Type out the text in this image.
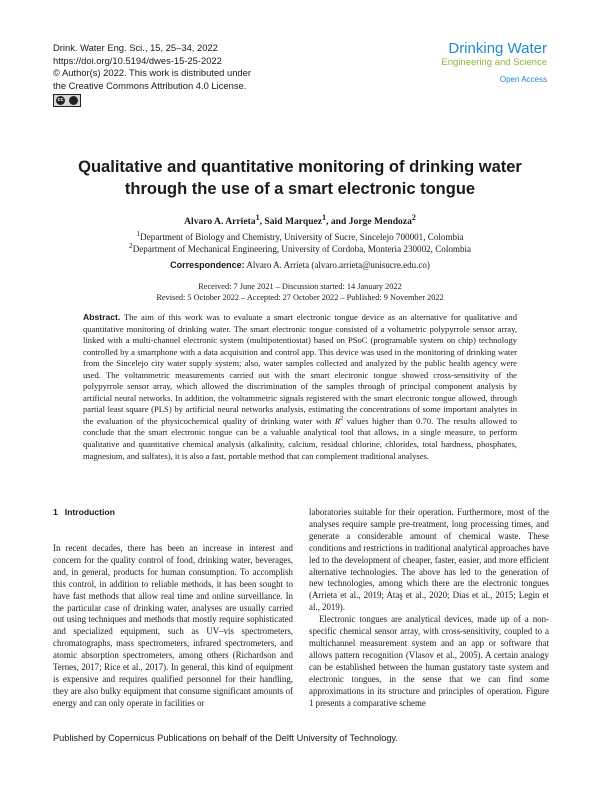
Drink. Water Eng. Sci., 15, 25–34, 2022
https://doi.org/10.5194/dwes-15-25-2022
© Author(s) 2022. This work is distributed under
the Creative Commons Attribution 4.0 License.
cc
Drinking Water
Engineering and Science
Open Access
Qualitative and quantitative monitoring of drinking water through the use of a smart electronic tongue
Alvaro A. Arrieta$^1$, Said Marquez$^1$, and Jorge Mendoza$^2$
$^1$Department of Biology and Chemistry, University of Sucre, Sincelejo 700001, Colombia
$^2$Department of Mechanical Engineering, University of Cordoba, Monteria 230002, Colombia
Correspondence: Alvaro A. Arrieta (alvaro.arrieta@unisucre.edu.co)
Received: 7 June 2021 – Discussion started: 14 January 2022
Revised: 5 October 2022 – Accepted: 27 October 2022 – Published: 9 November 2022
Abstract. The aim of this work was to evaluate a smart electronic tongue device as an alternative for qualitative and quantitative monitoring of drinking water. The smart electronic tongue consisted of a voltametric polypyrrole sensor array, linked with a multi-channel electronic system (multipotentiostat) based on PSoC (programable system on chip) technology controlled by a smartphone with a data acquisition and control app. This device was used in the monitoring of drinking water from the Sincelejo city water supply system; also, water samples collected and analyzed by the public health agency were used. The voltammetric measurements carried out with the smart electronic tongue showed cross-sensitivity of the polypyrrole sensor array, which allowed the discrimination of the samples through of principal component analysis by artificial neural networks. In addition, the voltammetric signals registered with the smart electronic tongue allowed, through partial least square (PLS) by artificial neural networks analysis, estimating the concentrations of some important analytes in the evaluation of the physicochemical quality of drinking water with $R^2$ values higher than 0.70. The results allowed to conclude that the smart electronic tongue can be a valuable analytical tool that allows, in a single measure, to perform qualitative and quantitative chemical analysis (alkalinity, calcium, residual chlorine, chlorides, total hardness, phosphates, magnesium, and sulfates), it is also a fast, portable method that can complement traditional analyses.
1 Introduction

In recent decades, there has been an increase in interest and concern for the quality control of food, drinking water, beverages, and, in general, products for human consumption. To accomplish this control, in addition to reliable methods, it has been sought to have fast methods that allow real time and online surveillance. In the particular case of drinking water, analyses are usually carried out using techniques and methods that mostly require sophisticated and specialized equipment, such as UV–vis spectrometers, chromatographs, mass spectrometers, infrared spectrometers, and atomic absorption spectrometers, among others (Richardson and Ternes, 2017; Rice et al., 2017). In general, this kind of equipment is expensive and requires qualified personnel for their handling, they are also bulky equipment that consume significant amounts of energy and can only operate in facilities or

laboratories suitable for their operation. Furthermore, most of the analyses require sample pre-treatment, long processing times, and generate a considerable amount of chemical waste. These conditions and restrictions in traditional analytical approaches have led to the development of cheaper, faster, easier, and more efficient alternative technologies. The above has led to the generation of new technologies, among which there are the electronic tongues (Arrieta et al., 2019; Ataş et al., 2020; Dias et al., 2015; Legin et al., 2019).

Electronic tongues are analytical devices, made up of a non-specific chemical sensor array, with cross-sensitivity, coupled to a multichannel measurement system and an app or software that allows pattern recognition (Vlasov et al., 2005). A certain analogy can be established between the human gustatory taste system and electronic tongues, in the sense that we can find some approximations in its structure and principles of operation. Figure 1 presents a comparative scheme

Published by Copernicus Publications on behalf of the Delft University of Technology.
